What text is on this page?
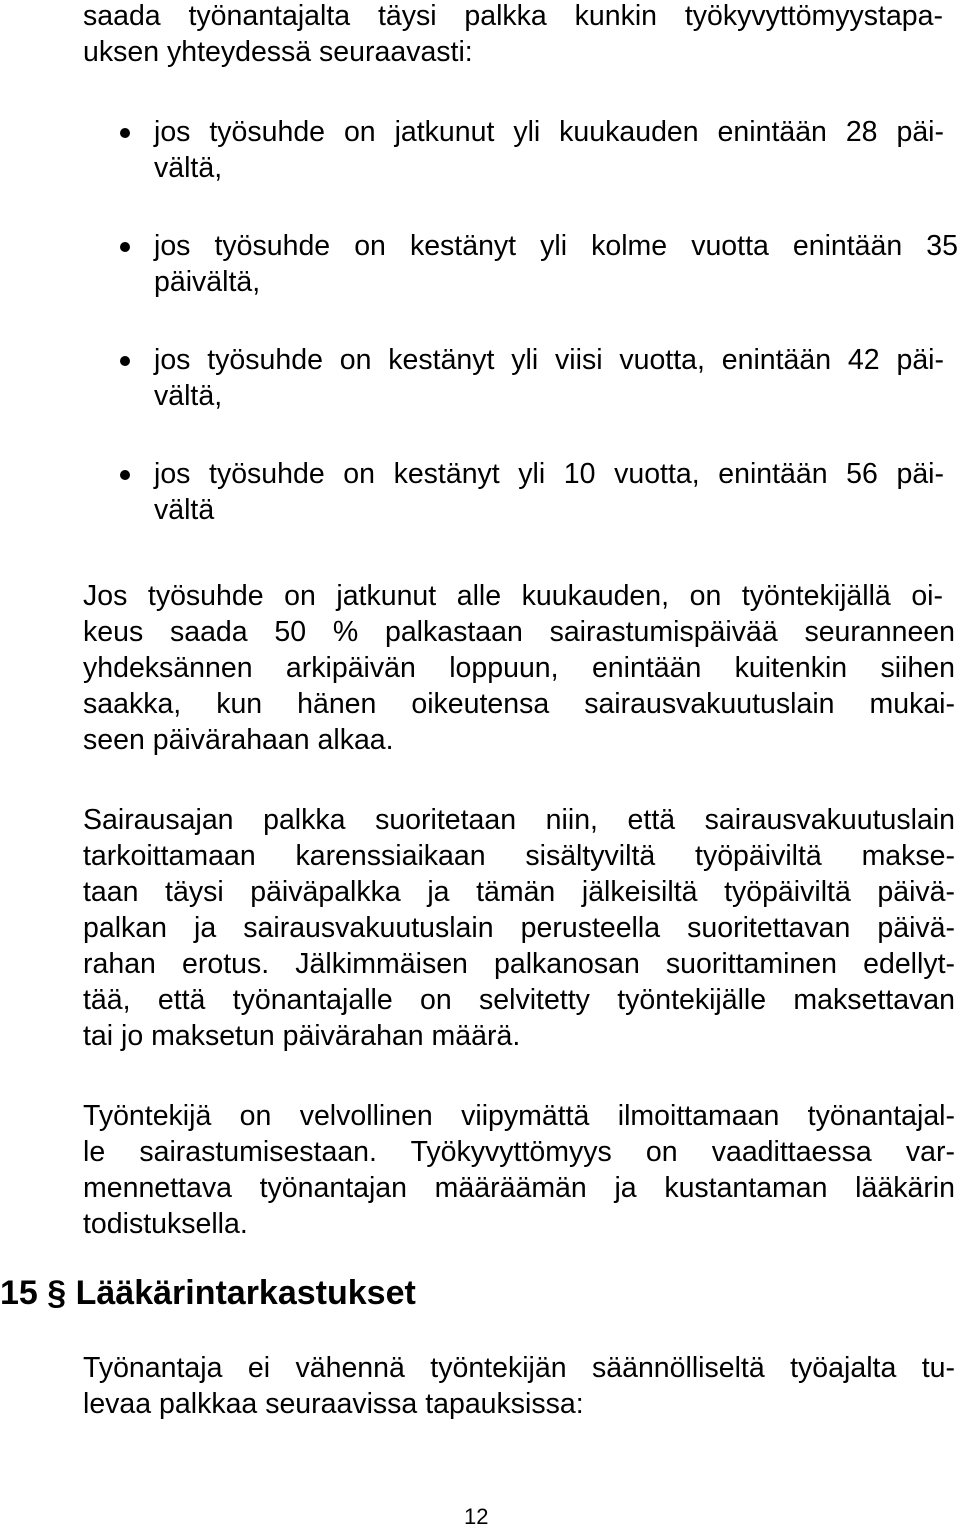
saada työnantajalta täysi palkka kunkin työkyvyttömyystapa-

uksen yhteydessä seuraavasti:

jos työsuhde on jatkunut yli kuukauden enintään 28 päi-

vältä,

jos työsuhde on kestänyt yli kolme vuotta enintään 35

päivältä,

jos työsuhde on kestänyt yli viisi vuotta, enintään 42 päi-

vältä,

jos työsuhde on kestänyt yli 10 vuotta, enintään 56 päi-

vältä

Jos työsuhde on jatkunut alle kuukauden, on työntekijällä oi-

keus saada 50 % palkastaan sairastumispäivää seuranneen

yhdeksännen arkipäivän loppuun, enintään kuitenkin siihen

saakka, kun hänen oikeutensa sairausvakuutuslain mukai-

seen päivärahaan alkaa.

Sairausajan palkka suoritetaan niin, että sairausvakuutuslain

tarkoittamaan karenssiaikaan sisältyviltä työpäiviltä makse-

taan täysi päiväpalkka ja tämän jälkeisiltä työpäiviltä päivä-

palkan ja sairausvakuutuslain perusteella suoritettavan päivä-

rahan erotus. Jälkimmäisen palkanosan suorittaminen edellyt-

tää, että työnantajalle on selvitetty työntekijälle maksettavan

tai jo maksetun päivärahan määrä.

Työntekijä on velvollinen viipymättä ilmoittamaan työnantajal-

le sairastumisestaan. Työkyvyttömyys on vaadittaessa var-

mennettava työnantajan määräämän ja kustantaman lääkärin

todistuksella.

15 § Lääkärintarkastukset

Työnantaja ei vähennä työntekijän säännölliseltä työajalta tu-

levaa palkkaa seuraavissa tapauksissa:

12
